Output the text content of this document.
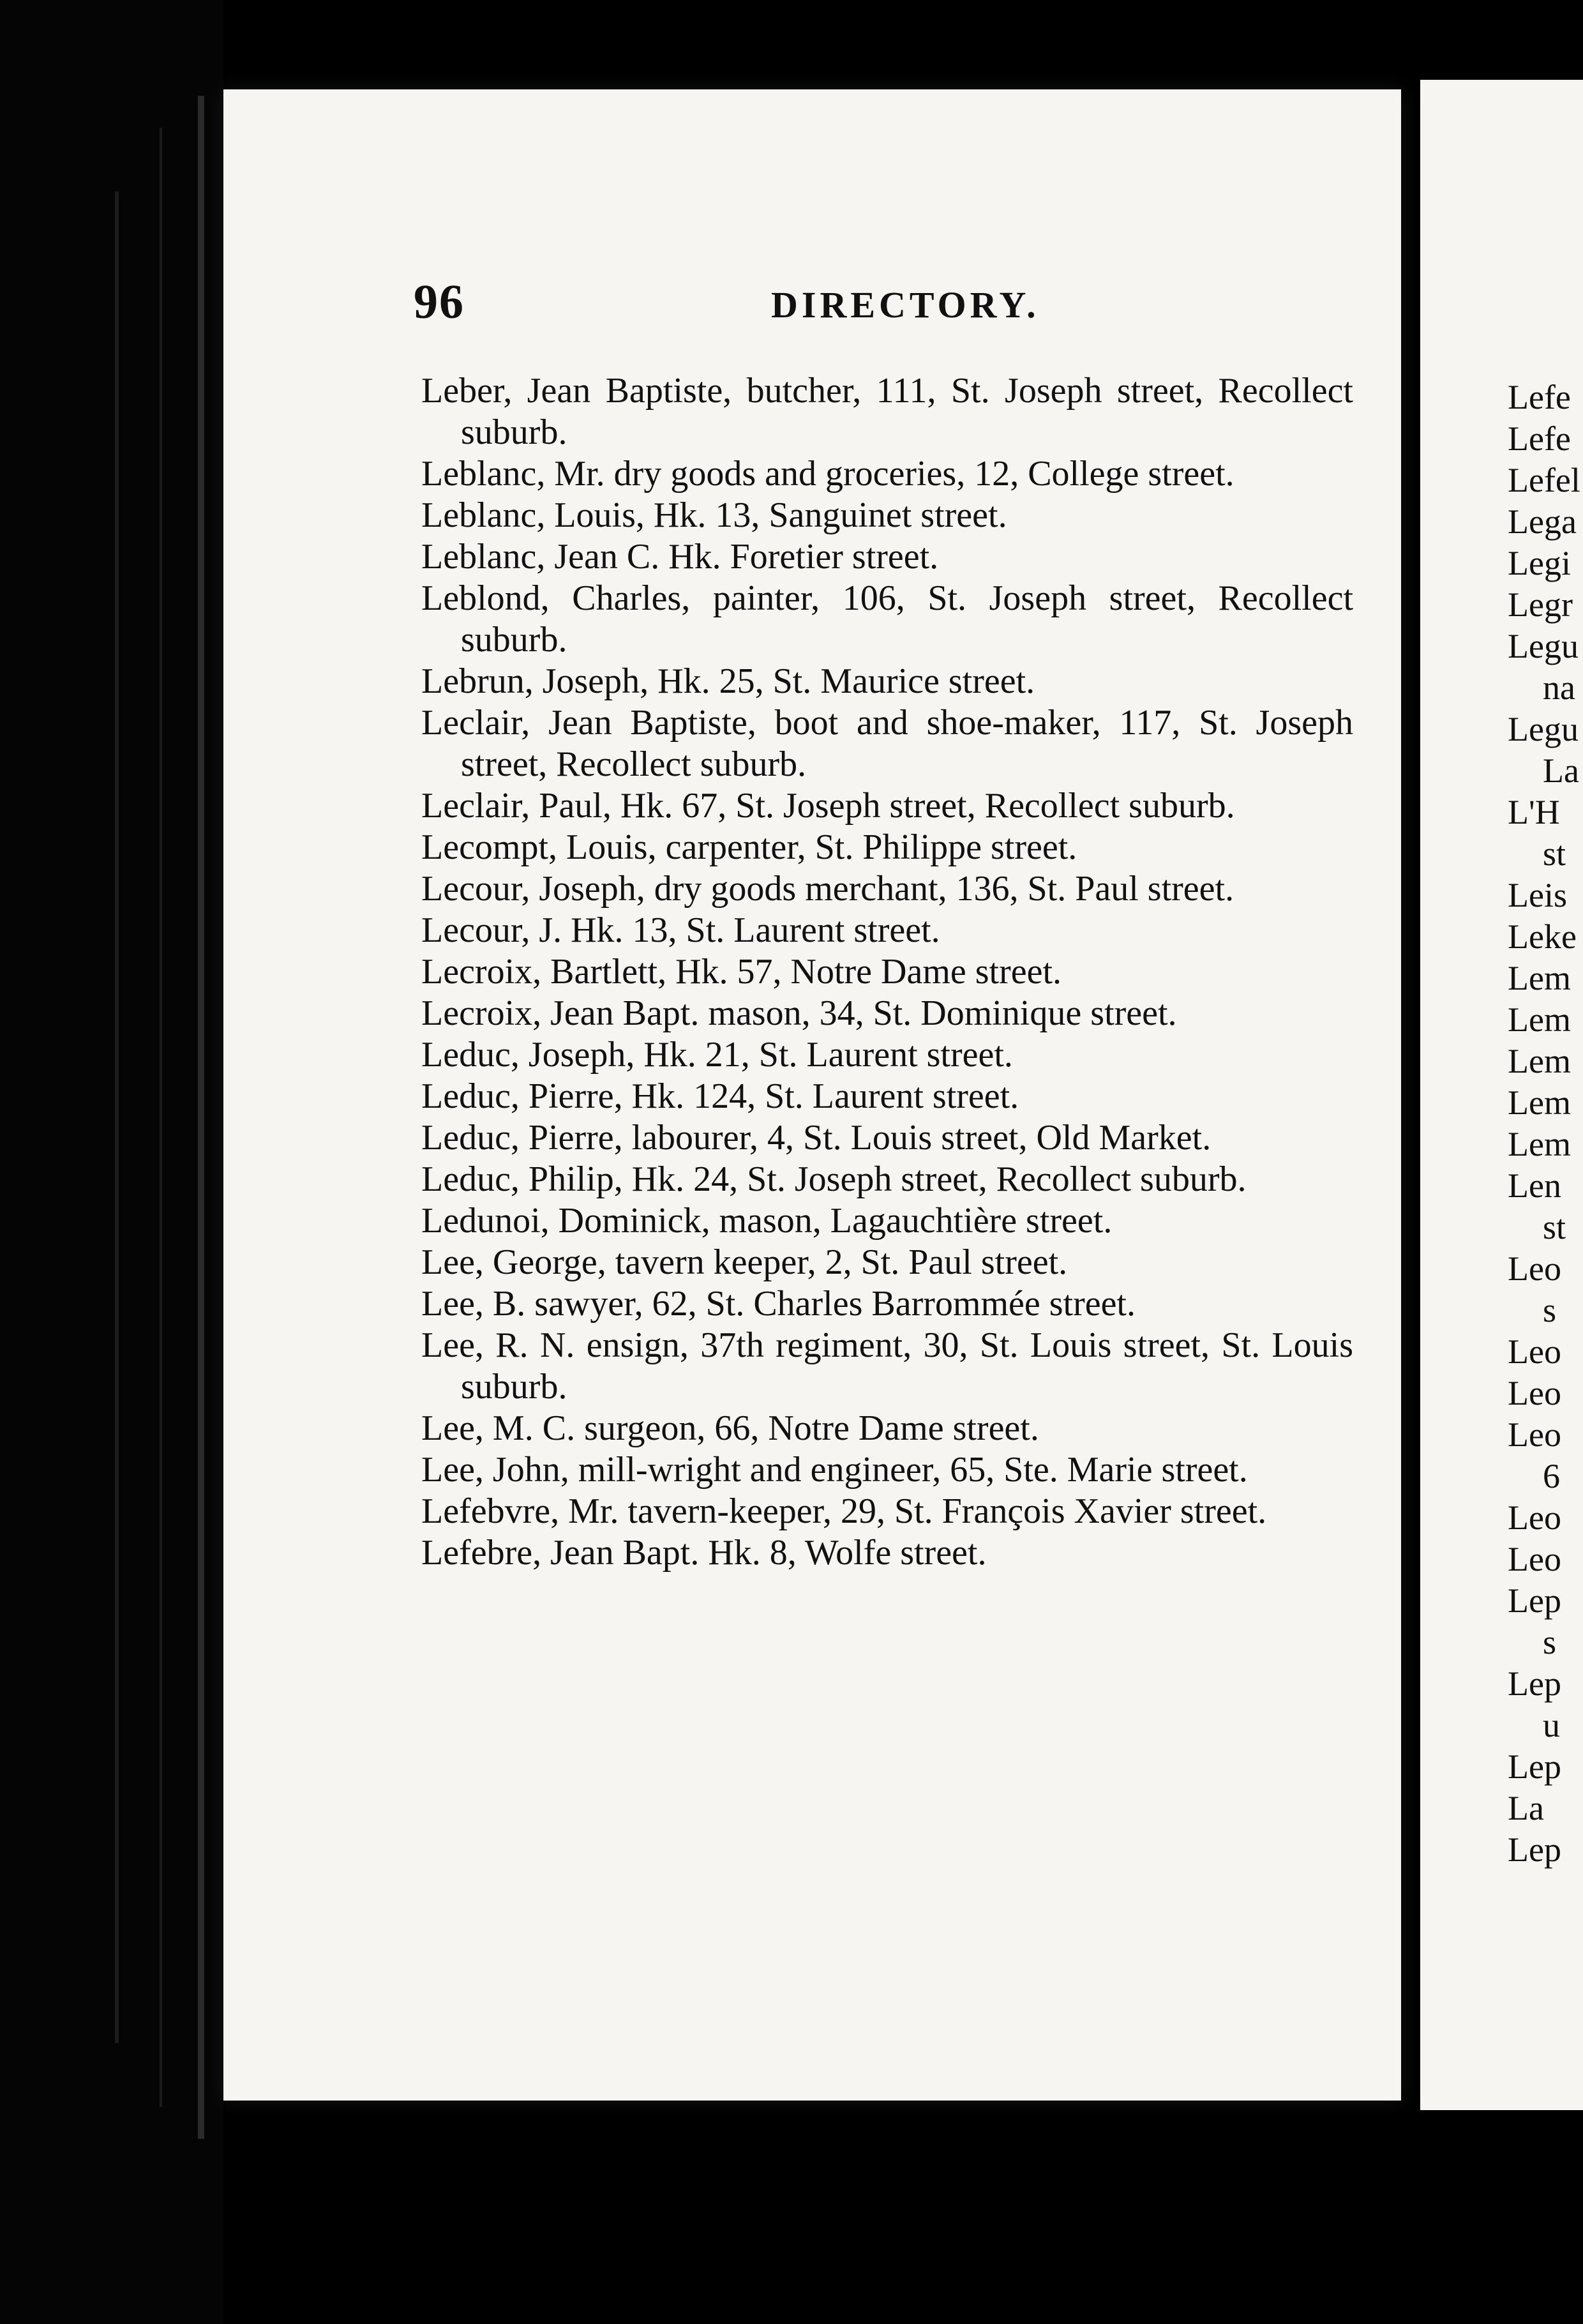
96	DIRECTORY.
Leber, Jean Baptiste, butcher, 111, St. Joseph street, Recollect suburb.
Leblanc, Mr. dry goods and groceries, 12, College street.
Leblanc, Louis, Hk. 13, Sanguinet street.
Leblanc, Jean C. Hk. Foretier street.
Leblond, Charles, painter, 106, St. Joseph street, Recollect suburb.
Lebrun, Joseph, Hk. 25, St. Maurice street.
Leclair, Jean Baptiste, boot and shoe-maker, 117, St. Joseph street, Recollect suburb.
Leclair, Paul, Hk. 67, St. Joseph street, Recollect suburb.
Lecompt, Louis, carpenter, St. Philippe street.
Lecour, Joseph, dry goods merchant, 136, St. Paul street.
Lecour, J. Hk. 13, St. Laurent street.
Lecroix, Bartlett, Hk. 57, Notre Dame street.
Lecroix, Jean Bapt. mason, 34, St. Dominique street.
Leduc, Joseph, Hk. 21, St. Laurent street.
Leduc, Pierre, Hk. 124, St. Laurent street.
Leduc, Pierre, labourer, 4, St. Louis street, Old Market.
Leduc, Philip, Hk. 24, St. Joseph street, Recollect suburb.
Ledunoi, Dominick, mason, Lagauchtière street.
Lee, George, tavern keeper, 2, St. Paul street.
Lee, B. sawyer, 62, St. Charles Barrommée street.
Lee, R. N. ensign, 37th regiment, 30, St. Louis street, St. Louis suburb.
Lee, M. C. surgeon, 66, Notre Dame street.
Lee, John, mill-wright and engineer, 65, Ste. Marie street.
Lefebvre, Mr. tavern-keeper, 29, St. François Xavier street.
Lefebre, Jean Bapt. Hk. 8, Wolfe street.
Lefe
Lefe
Lefel
Lega
Legi
Legr
Legu
na
Legu
La
L'H
st
Leis
Leke
Lem
Lem
Lem
Lem
Lem
Len
st
Leo
s
Leo
Leo
Leo
6
Leo
Leo
Lep
s
Lep
u
Lep
La
Lep
